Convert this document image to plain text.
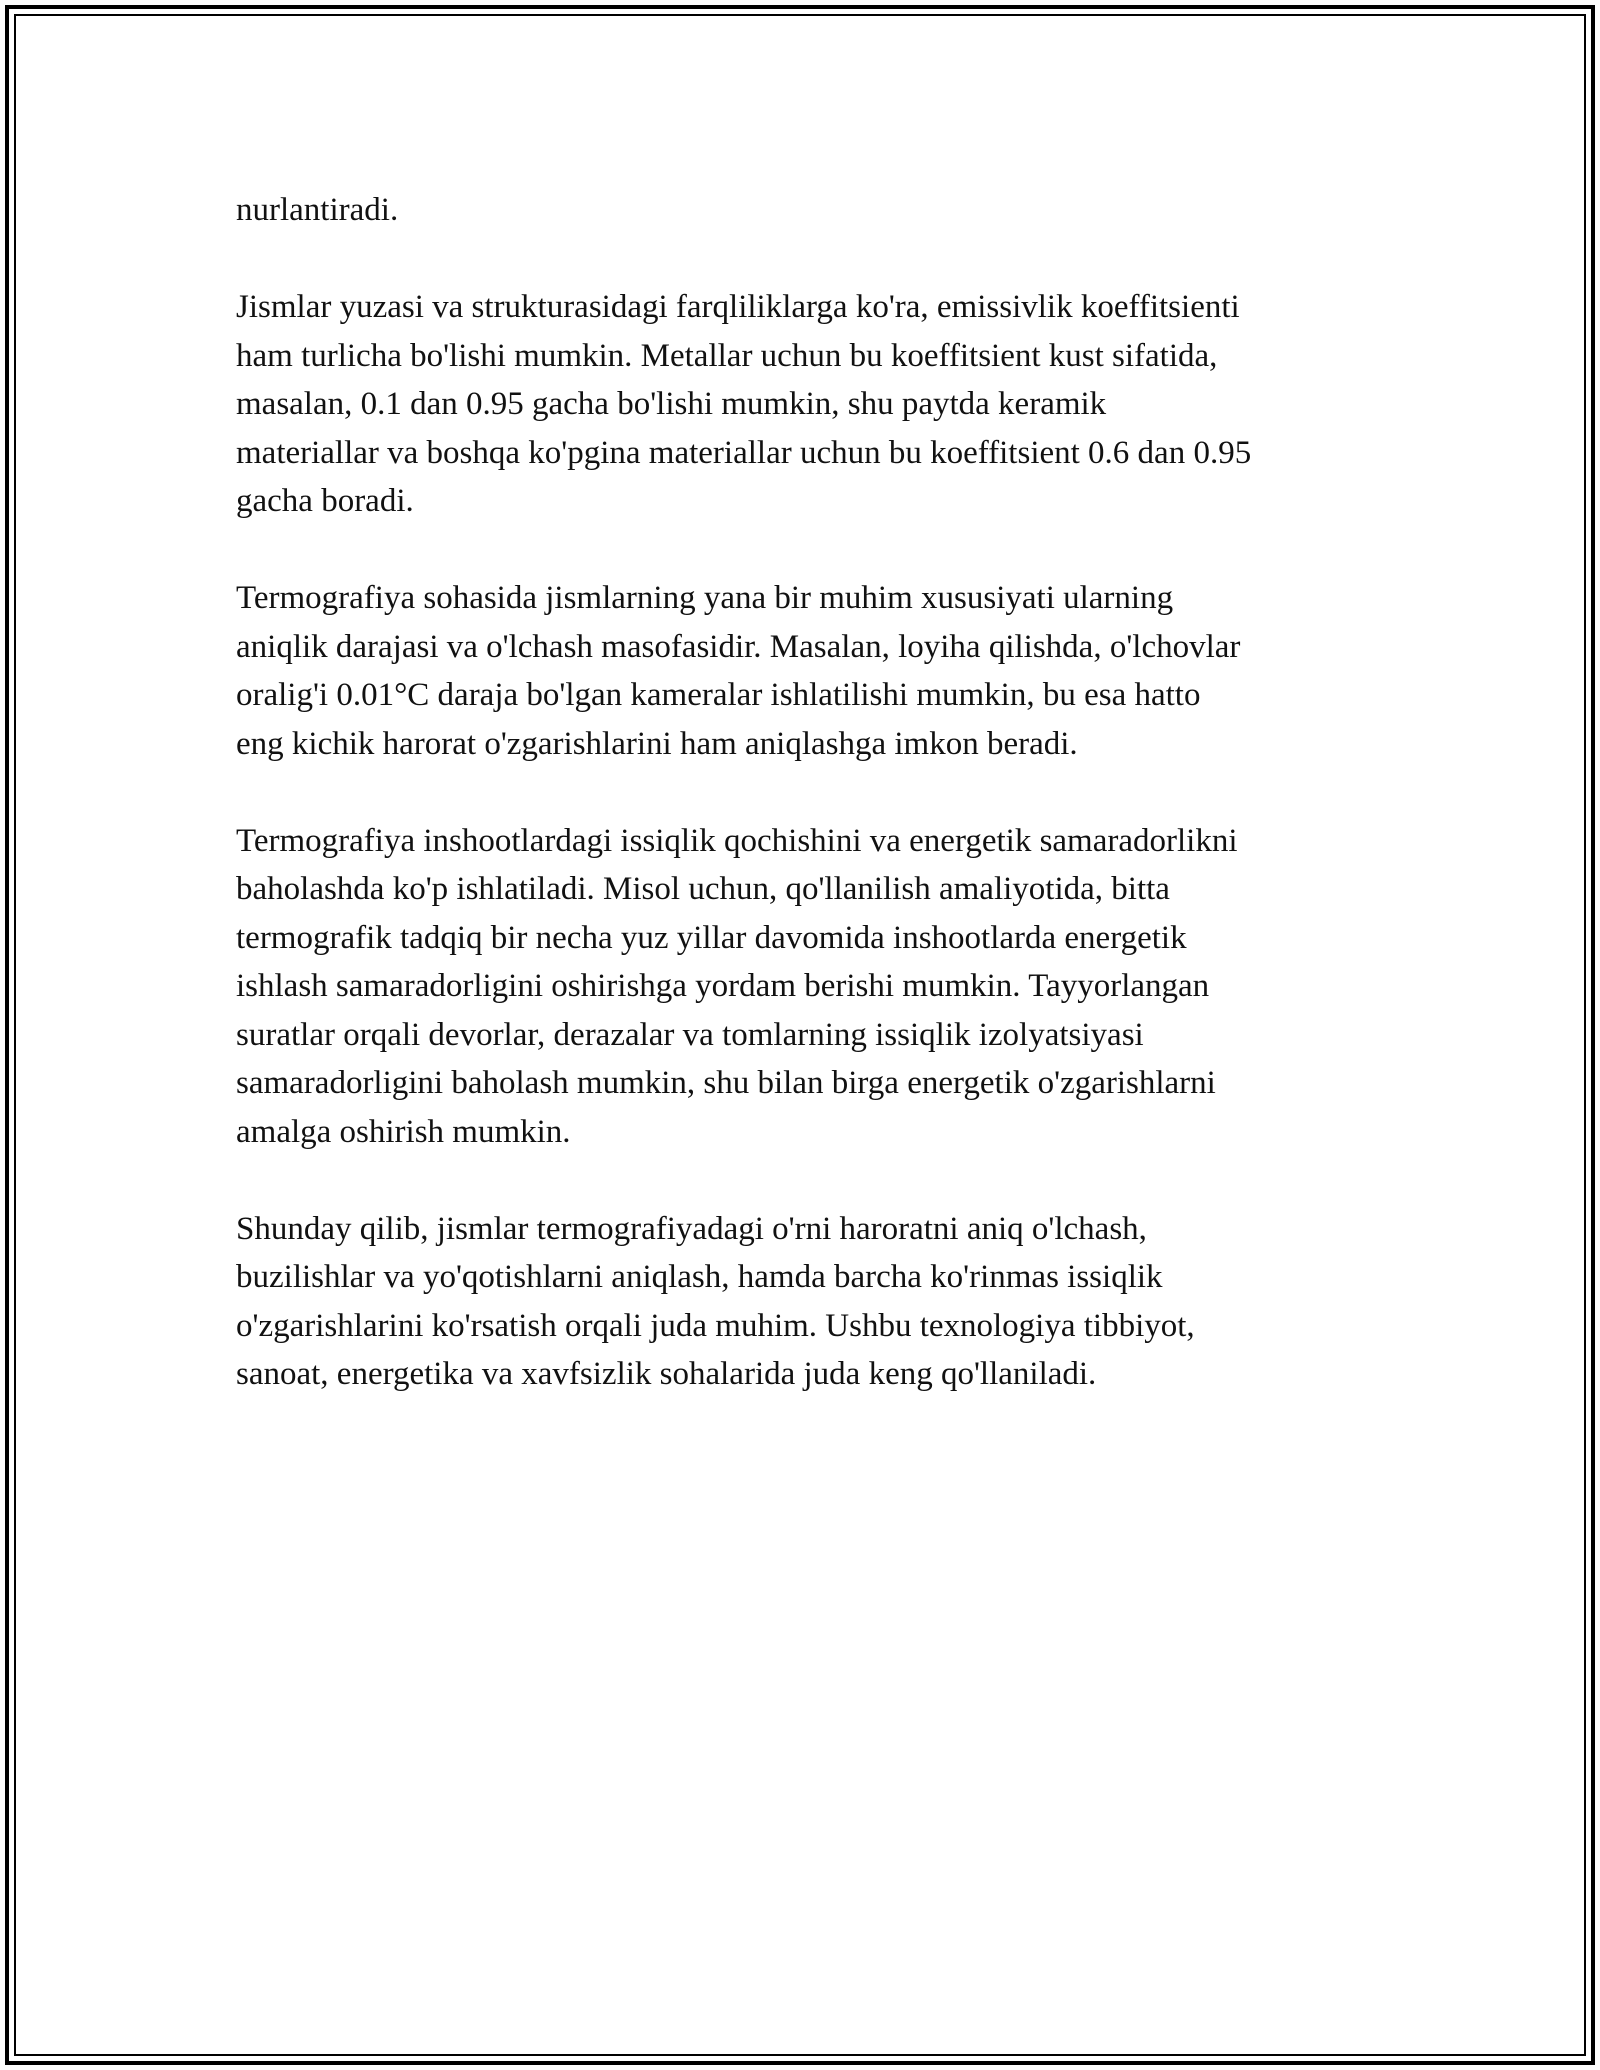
nurlantiradi.

Jismlar yuzasi va strukturasidagi farqliliklarga ko'ra, emissivlik koeffitsienti
ham turlicha bo'lishi mumkin. Metallar uchun bu koeffitsient kust sifatida,
masalan, 0.1 dan 0.95 gacha bo'lishi mumkin, shu paytda keramik
materiallar va boshqa ko'pgina materiallar uchun bu koeffitsient 0.6 dan 0.95
gacha boradi.

Termografiya sohasida jismlarning yana bir muhim xususiyati ularning
aniqlik darajasi va o'lchash masofasidir. Masalan, loyiha qilishda, o'lchovlar
oralig'i 0.01°C daraja bo'lgan kameralar ishlatilishi mumkin, bu esa hatto
eng kichik harorat o'zgarishlarini ham aniqlashga imkon beradi.

Termografiya inshootlardagi issiqlik qochishini va energetik samaradorlikni
baholashda ko'p ishlatiladi. Misol uchun, qo'llanilish amaliyotida, bitta
termografik tadqiq bir necha yuz yillar davomida inshootlarda energetik
ishlash samaradorligini oshirishga yordam berishi mumkin. Tayyorlangan
suratlar orqali devorlar, derazalar va tomlarning issiqlik izolyatsiyasi
samaradorligini baholash mumkin, shu bilan birga energetik o'zgarishlarni
amalga oshirish mumkin.

Shunday qilib, jismlar termografiyadagi o'rni haroratni aniq o'lchash,
buzilishlar va yo'qotishlarni aniqlash, hamda barcha ko'rinmas issiqlik
o'zgarishlarini ko'rsatish orqali juda muhim. Ushbu texnologiya tibbiyot,
sanoat, energetika va xavfsizlik sohalarida juda keng qo'llaniladi.
